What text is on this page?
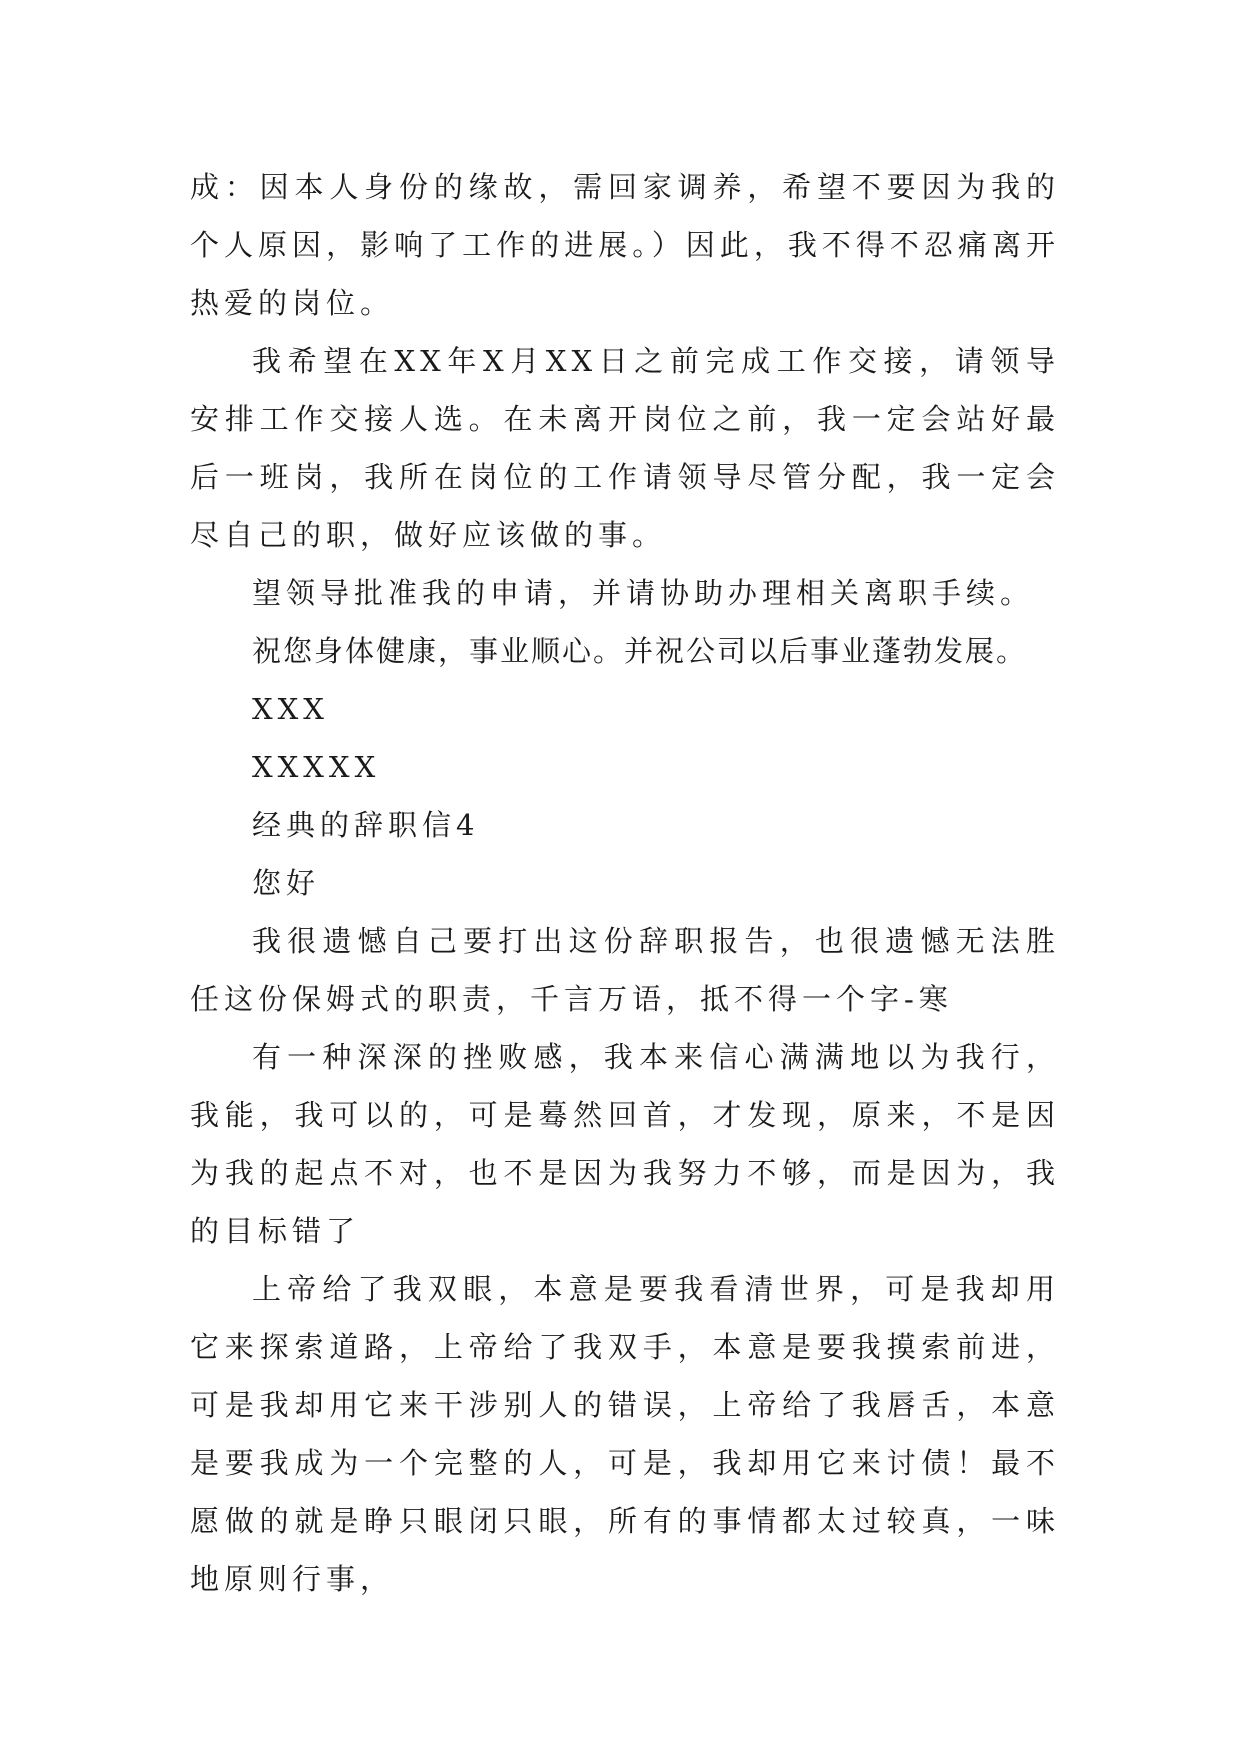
成：因本人身份的缘故，需回家调养，希望不要因为我的个人原因，影响了工作的进展。）因此，我不得不忍痛离开热爱的岗位。

我希望在XX年X月XX日之前完成工作交接，请领导安排工作交接人选。在未离开岗位之前，我一定会站好最后一班岗，我所在岗位的工作请领导尽管分配，我一定会尽自己的职，做好应该做的事。

望领导批准我的申请，并请协助办理相关离职手续。

祝您身体健康，事业顺心。并祝公司以后事业蓬勃发展。

XXX

XXXXX

经典的辞职信4

您好

我很遗憾自己要打出这份辞职报告，也很遗憾无法胜任这份保姆式的职责，千言万语，抵不得一个字-寒

有一种深深的挫败感，我本来信心满满地以为我行，我能，我可以的，可是蓦然回首，才发现，原来，不是因为我的起点不对，也不是因为我努力不够，而是因为，我的目标错了

上帝给了我双眼，本意是要我看清世界，可是我却用它来探索道路，上帝给了我双手，本意是要我摸索前进，可是我却用它来干涉别人的错误，上帝给了我唇舌，本意是要我成为一个完整的人，可是，我却用它来讨债！最不愿做的就是睁只眼闭只眼，所有的事情都太过较真，一味地原则行事，
